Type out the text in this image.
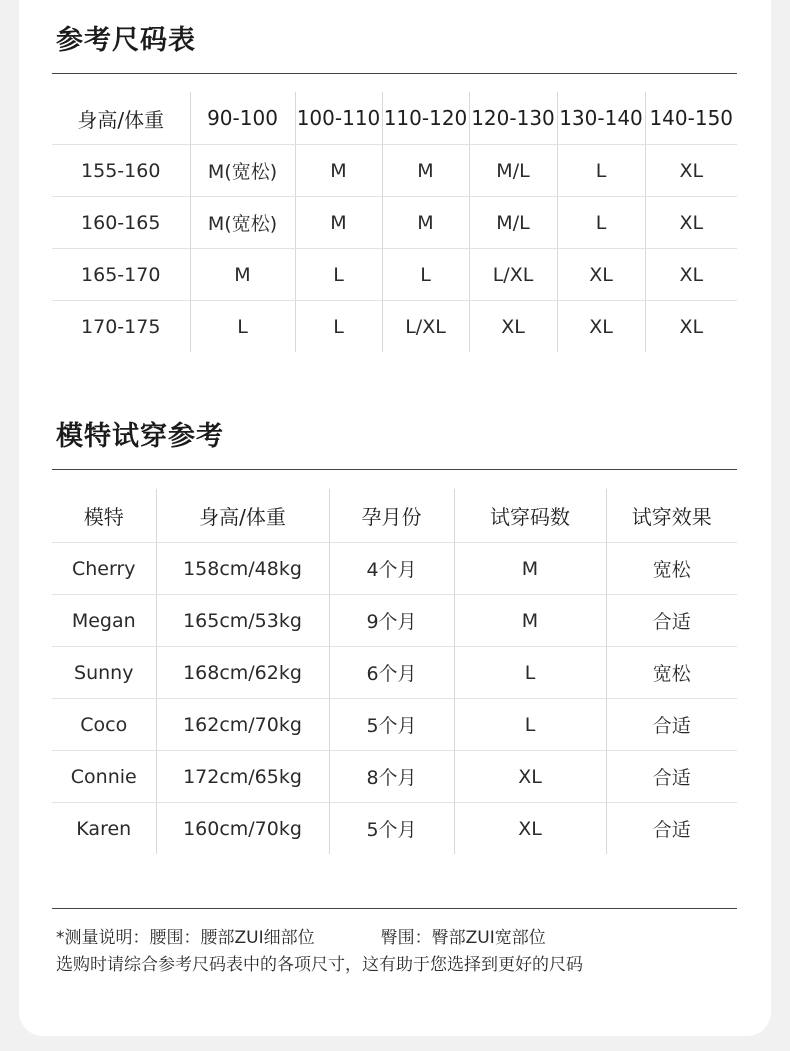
参考尺码表
身高/体重	90-100	100-110	110-120	120-130	130-140	140-150
155-160	M(宽松)	M	M	M/L	L	XL
160-165	M(宽松)	M	M	M/L	L	XL
165-170	M	L	L	L/XL	XL	XL
170-175	L	L	L/XL	XL	XL	XL
模特试穿参考
模特	身高/体重	孕月份	试穿码数	试穿效果
Cherry	158cm/48kg	4个月	M	宽松
Megan	165cm/53kg	9个月	M	合适
Sunny	168cm/62kg	6个月	L	宽松
Coco	162cm/70kg	5个月	L	合适
Connie	172cm/65kg	8个月	XL	合适
Karen	160cm/70kg	5个月	XL	合适

*测量说明：腰围：腰部ZUI细部位	臀围：臀部ZUI宽部位

选购时请综合参考尺码表中的各项尺寸，这有助于您选择到更好的尺码
